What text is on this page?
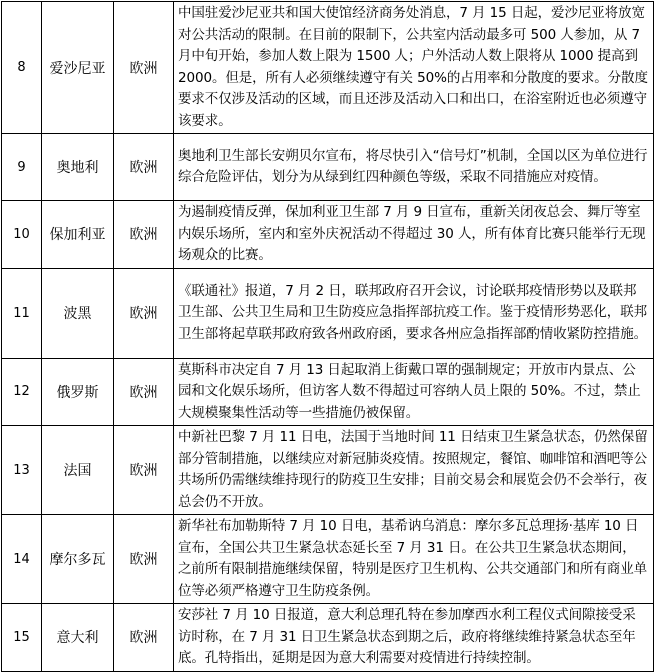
8	爱沙尼亚	欧洲	中国驻爱沙尼亚共和国大使馆经济商务处消息，7 月 15 日起，爱沙尼亚将放宽对公共活动的限制。在目前的限制下，公共室内活动最多可 500 人参加，从 7 月中旬开始，参加人数上限为 1500 人；户外活动人数上限将从 1000 提高到 2000。但是，所有人必须继续遵守有关 50%的占用率和分散度的要求。分散度要求不仅涉及活动的区域，而且还涉及活动入口和出口，在浴室附近也必须遵守该要求。
9	奥地利	欧洲	奥地利卫生部长安朔贝尔宣布，将尽快引入“信号灯”机制，全国以区为单位进行综合危险评估，划分为从绿到红四种颜色等级，采取不同措施应对疫情。
10	保加利亚	欧洲	为遏制疫情反弹，保加利亚卫生部 7 月 9 日宣布，重新关闭夜总会、舞厅等室内娱乐场所，室内和室外庆祝活动不得超过 30 人，所有体育比赛只能举行无现场观众的比赛。
11	波黑	欧洲	《联通社》报道，7 月 2 日，联邦政府召开会议，讨论联邦疫情形势以及联邦卫生部、公共卫生局和卫生防疫应急指挥部抗疫工作。鉴于疫情形势恶化，联邦卫生部将起草联邦政府致各州政府函，要求各州应急指挥部酌情收紧防控措施。
12	俄罗斯	欧洲	莫斯科市决定自 7 月 13 日起取消上街戴口罩的强制规定；开放市内景点、公园和文化娱乐场所，但访客人数不得超过可容纳人员上限的 50%。不过，禁止大规模聚集性活动等一些措施仍被保留。
13	法国	欧洲	中新社巴黎 7 月 11 日电，法国于当地时间 11 日结束卫生紧急状态，仍然保留部分管制措施，以继续应对新冠肺炎疫情。按照规定，餐馆、咖啡馆和酒吧等公共场所仍需继续维持现行的防疫卫生安排；目前交易会和展览会仍不会举行，夜总会仍不开放。
14	摩尔多瓦	欧洲	新华社布加勒斯特 7 月 10 日电，基希讷乌消息：摩尔多瓦总理扬·基库 10 日宣布，全国公共卫生紧急状态延长至 7 月 31 日。在公共卫生紧急状态期间，之前所有限制措施继续保留，特别是医疗卫生机构、公共交通部门和所有商业单位等必须严格遵守卫生防疫条例。
15	意大利	欧洲	安莎社 7 月 10 日报道，意大利总理孔特在参加摩西水利工程仪式间隙接受采访时称，在 7 月 31 日卫生紧急状态到期之后，政府将继续维持紧急状态至年底。孔特指出，延期是因为意大利需要对疫情进行持续控制。
